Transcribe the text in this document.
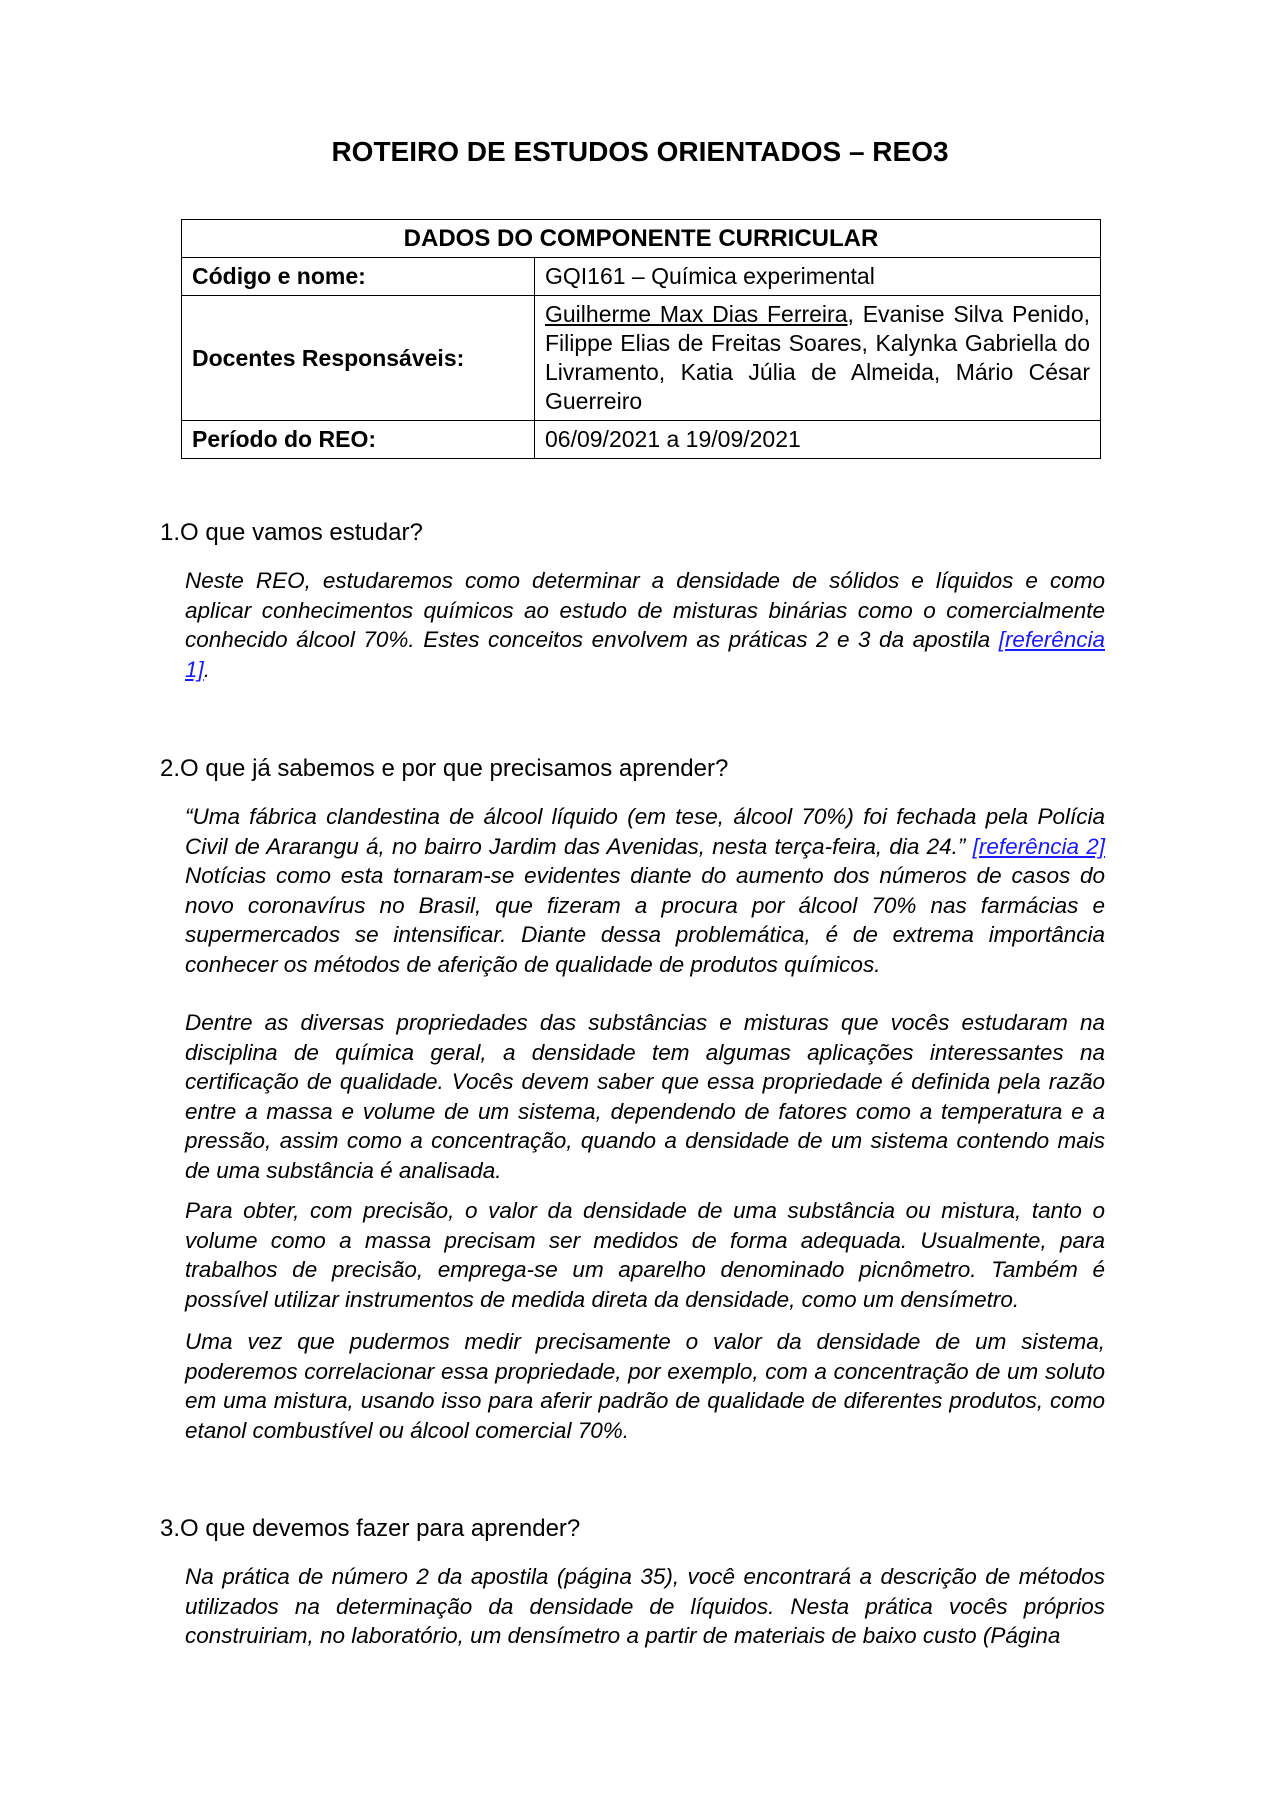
ROTEIRO DE ESTUDOS ORIENTADOS – REO3
DADOS DO COMPONENTE CURRICULAR	
Código e nome:	GQI161 – Química experimental
Docentes Responsáveis:	Guilherme Max Dias Ferreira, Evanise Silva Penido, Filippe Elias de Freitas Soares, Kalynka Gabriella do Livramento, Katia Júlia de Almeida, Mário César Guerreiro
Período do REO:	06/09/2021 a 19/09/2021
1.O que vamos estudar?

Neste REO, estudaremos como determinar a densidade de sólidos e líquidos e como aplicar conhecimentos químicos ao estudo de misturas binárias como o comercialmente conhecido álcool 70%. Estes conceitos envolvem as práticas 2 e 3 da apostila [referência 1].

2.O que já sabemos e por que precisamos aprender?

“Uma fábrica clandestina de álcool líquido (em tese, álcool 70%) foi fechada pela Polícia Civil de Ararangu á, no bairro Jardim das Avenidas, nesta terça-feira, dia 24.” [referência 2] Notícias como esta tornaram-se evidentes diante do aumento dos números de casos do novo coronavírus no Brasil, que fizeram a procura por álcool 70% nas farmácias e supermercados se intensificar. Diante dessa problemática, é de extrema importância conhecer os métodos de aferição de qualidade de produtos químicos.

Dentre as diversas propriedades das substâncias e misturas que vocês estudaram na disciplina de química geral, a densidade tem algumas aplicações interessantes na certificação de qualidade. Vocês devem saber que essa propriedade é definida pela razão entre a massa e volume de um sistema, dependendo de fatores como a temperatura e a pressão, assim como a concentração, quando a densidade de um sistema contendo mais de uma substância é analisada.

Para obter, com precisão, o valor da densidade de uma substância ou mistura, tanto o volume como a massa precisam ser medidos de forma adequada. Usualmente, para trabalhos de precisão, emprega-se um aparelho denominado picnômetro. Também é possível utilizar instrumentos de medida direta da densidade, como um densímetro.

Uma vez que pudermos medir precisamente o valor da densidade de um sistema, poderemos correlacionar essa propriedade, por exemplo, com a concentração de um soluto em uma mistura, usando isso para aferir padrão de qualidade de diferentes produtos, como etanol combustível ou álcool comercial 70%.

3.O que devemos fazer para aprender?

Na prática de número 2 da apostila (página 35), você encontrará a descrição de métodos utilizados na determinação da densidade de líquidos. Nesta prática vocês próprios construiriam, no laboratório, um densímetro a partir de materiais de baixo custo (Página
